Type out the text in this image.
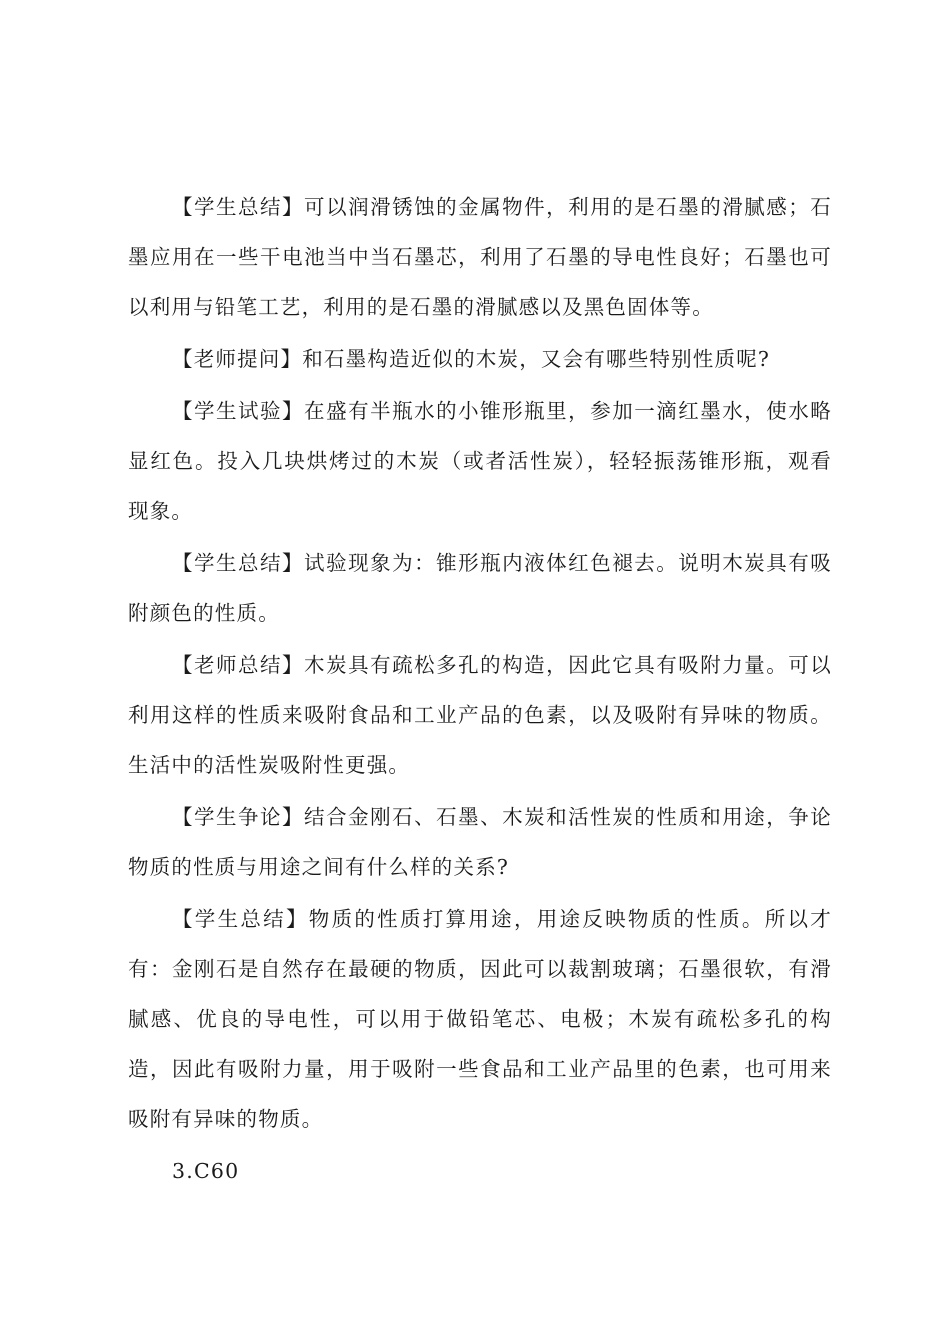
【学生总结】可以润滑锈蚀的金属物件，利用的是石墨的滑腻感；石墨应用在一些干电池当中当石墨芯，利用了石墨的导电性良好；石墨也可以利用与铅笔工艺，利用的是石墨的滑腻感以及黑色固体等。

【老师提问】和石墨构造近似的木炭，又会有哪些特别性质呢?

【学生试验】在盛有半瓶水的小锥形瓶里，参加一滴红墨水，使水略显红色。投入几块烘烤过的木炭（或者活性炭），轻轻振荡锥形瓶，观看现象。

【学生总结】试验现象为：锥形瓶内液体红色褪去。说明木炭具有吸附颜色的性质。

【老师总结】木炭具有疏松多孔的构造，因此它具有吸附力量。可以利用这样的性质来吸附食品和工业产品的色素，以及吸附有异味的物质。生活中的活性炭吸附性更强。

【学生争论】结合金刚石、石墨、木炭和活性炭的性质和用途，争论物质的性质与用途之间有什么样的关系?

【学生总结】物质的性质打算用途，用途反映物质的性质。所以才有：金刚石是自然存在最硬的物质，因此可以裁割玻璃；石墨很软，有滑腻感、优良的导电性，可以用于做铅笔芯、电极；木炭有疏松多孔的构造，因此有吸附力量，用于吸附一些食品和工业产品里的色素，也可用来吸附有异味的物质。

3.C60
